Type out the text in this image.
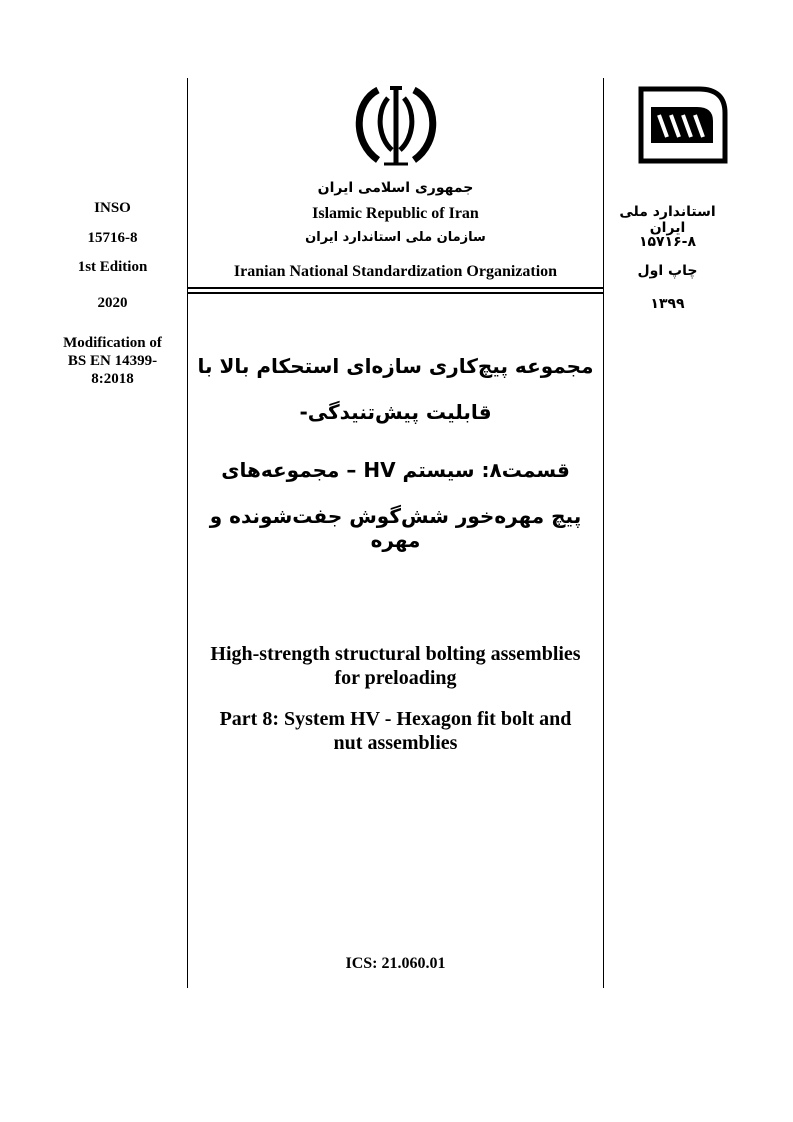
INSO
15716-8
1st Edition
2020
Modification of
BS EN 14399-
8:2018
استاندارد ملی ایران
۱۵۷۱۶-۸
چاپ اول
۱۳۹۹
جمهوری اسلامی ایران
Islamic Republic of Iran
سازمان ملی استاندارد ایران
Iranian National Standardization Organization
مجموعه پیچ‌کاری سازه‌ای استحکام بالا با
قابلیت پیش‌تنیدگی-
قسمت۸: سیستم HV – مجموعه‌های
پیچ مهره‌خور شش‌گوش جفت‌شونده و مهره
High-strength structural bolting assemblies
for preloading
Part 8: System HV - Hexagon fit bolt and
nut assemblies
ICS: 21.060.01
